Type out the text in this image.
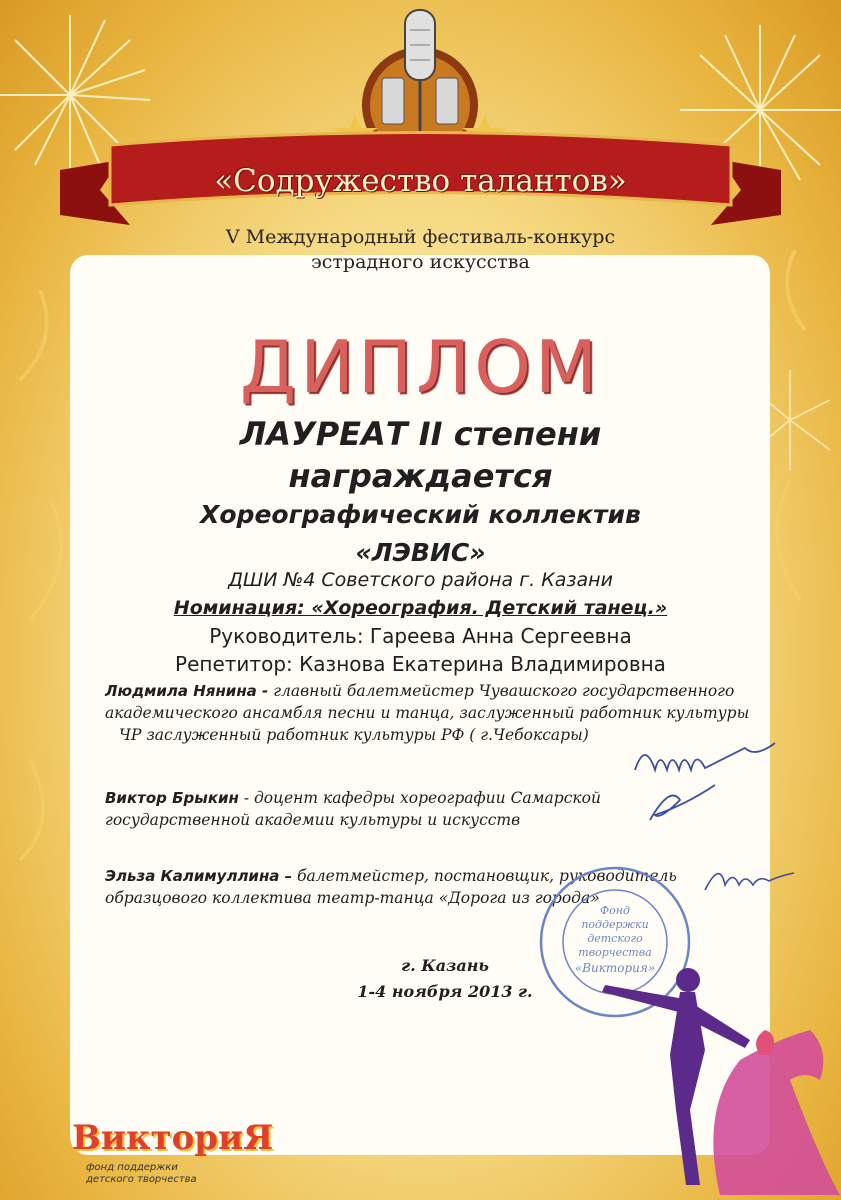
«Содружество талантов»
V Международный фестиваль-конкурс
эстрадного искусства
ДИПЛОМ
ЛАУРЕАТ II степени
награждается
Хореографический коллектив
«ЛЭВИС»
ДШИ №4 Советского района г. Казани
Номинация: «Хореография. Детский танец.»
Руководитель: Гареева Анна Сергеевна
Репетитор: Казнова Екатерина Владимировна
Людмила Нянина - главный балетмейстер Чувашского государственного
академического ансамбля песни и танца, заслуженный работник культуры
ЧР заслуженный работник культуры РФ ( г.Чебоксары)
Виктор Брыкин - доцент кафедры хореографии Самарской
государственной академии культуры и искусств
Эльза Калимуллина – балетмейстер, постановщик, руководитель
образцового коллектива театр-танца «Дорога из города»
Фонд
поддержки
детского
творчества
«Виктория»
г. Казань
1-4 ноября 2013 г.
ВикториЯ
фонд поддержки детского творчества
